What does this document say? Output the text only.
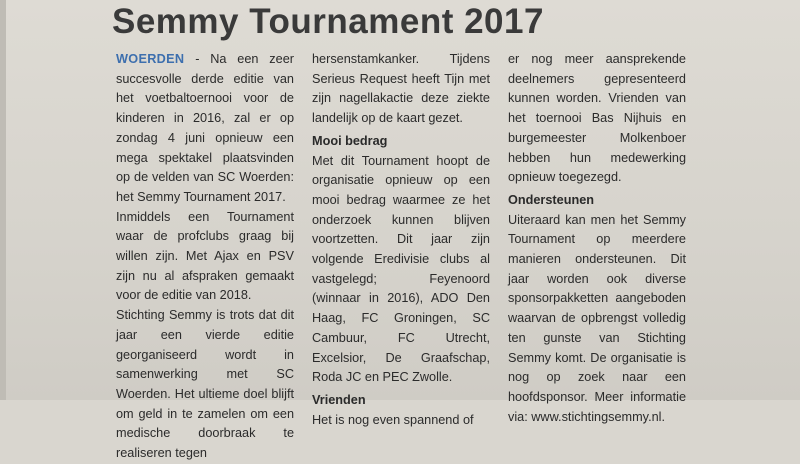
Semmy Tournament 2017

WOERDEN - Na een zeer succesvolle derde editie van het voetbaltoernooi voor de kinderen in 2016, zal er op zondag 4 juni opnieuw een mega spektakel plaatsvinden op de velden van SC Woerden: het Semmy Tournament 2017.

Inmiddels een Tournament waar de profclubs graag bij willen zijn. Met Ajax en PSV zijn nu al afspraken gemaakt voor de editie van 2018.

Stichting Semmy is trots dat dit jaar een vierde editie georganiseerd wordt in samenwerking met SC Woerden. Het ultieme doel blijft om geld in te zamelen om een medische doorbraak te realiseren tegen

hersenstamkanker. Tijdens Serieus Request heeft Tijn met zijn nagellakactie deze ziekte landelijk op de kaart gezet.

Mooi bedrag

Met dit Tournament hoopt de organisatie opnieuw op een mooi bedrag waarmee ze het onderzoek kunnen blijven voortzetten. Dit jaar zijn volgende Eredivisie clubs al vastgelegd; Feyenoord (winnaar in 2016), ADO Den Haag, FC Groningen, SC Cambuur, FC Utrecht, Excelsior, De Graafschap, Roda JC en PEC Zwolle.

Vrienden

Het is nog even spannend of

er nog meer aansprekende deelnemers gepresenteerd kunnen worden. Vrienden van het toernooi Bas Nijhuis en burgemeester Molkenboer hebben hun medewerking opnieuw toegezegd.

Ondersteunen

Uiteraard kan men het Semmy Tournament op meerdere manieren ondersteunen. Dit jaar worden ook diverse sponsorpakketten aangeboden waarvan de opbrengst volledig ten gunste van Stichting Semmy komt. De organisatie is nog op zoek naar een hoofdsponsor. Meer informatie via: www.stichtingsemmy.nl.
